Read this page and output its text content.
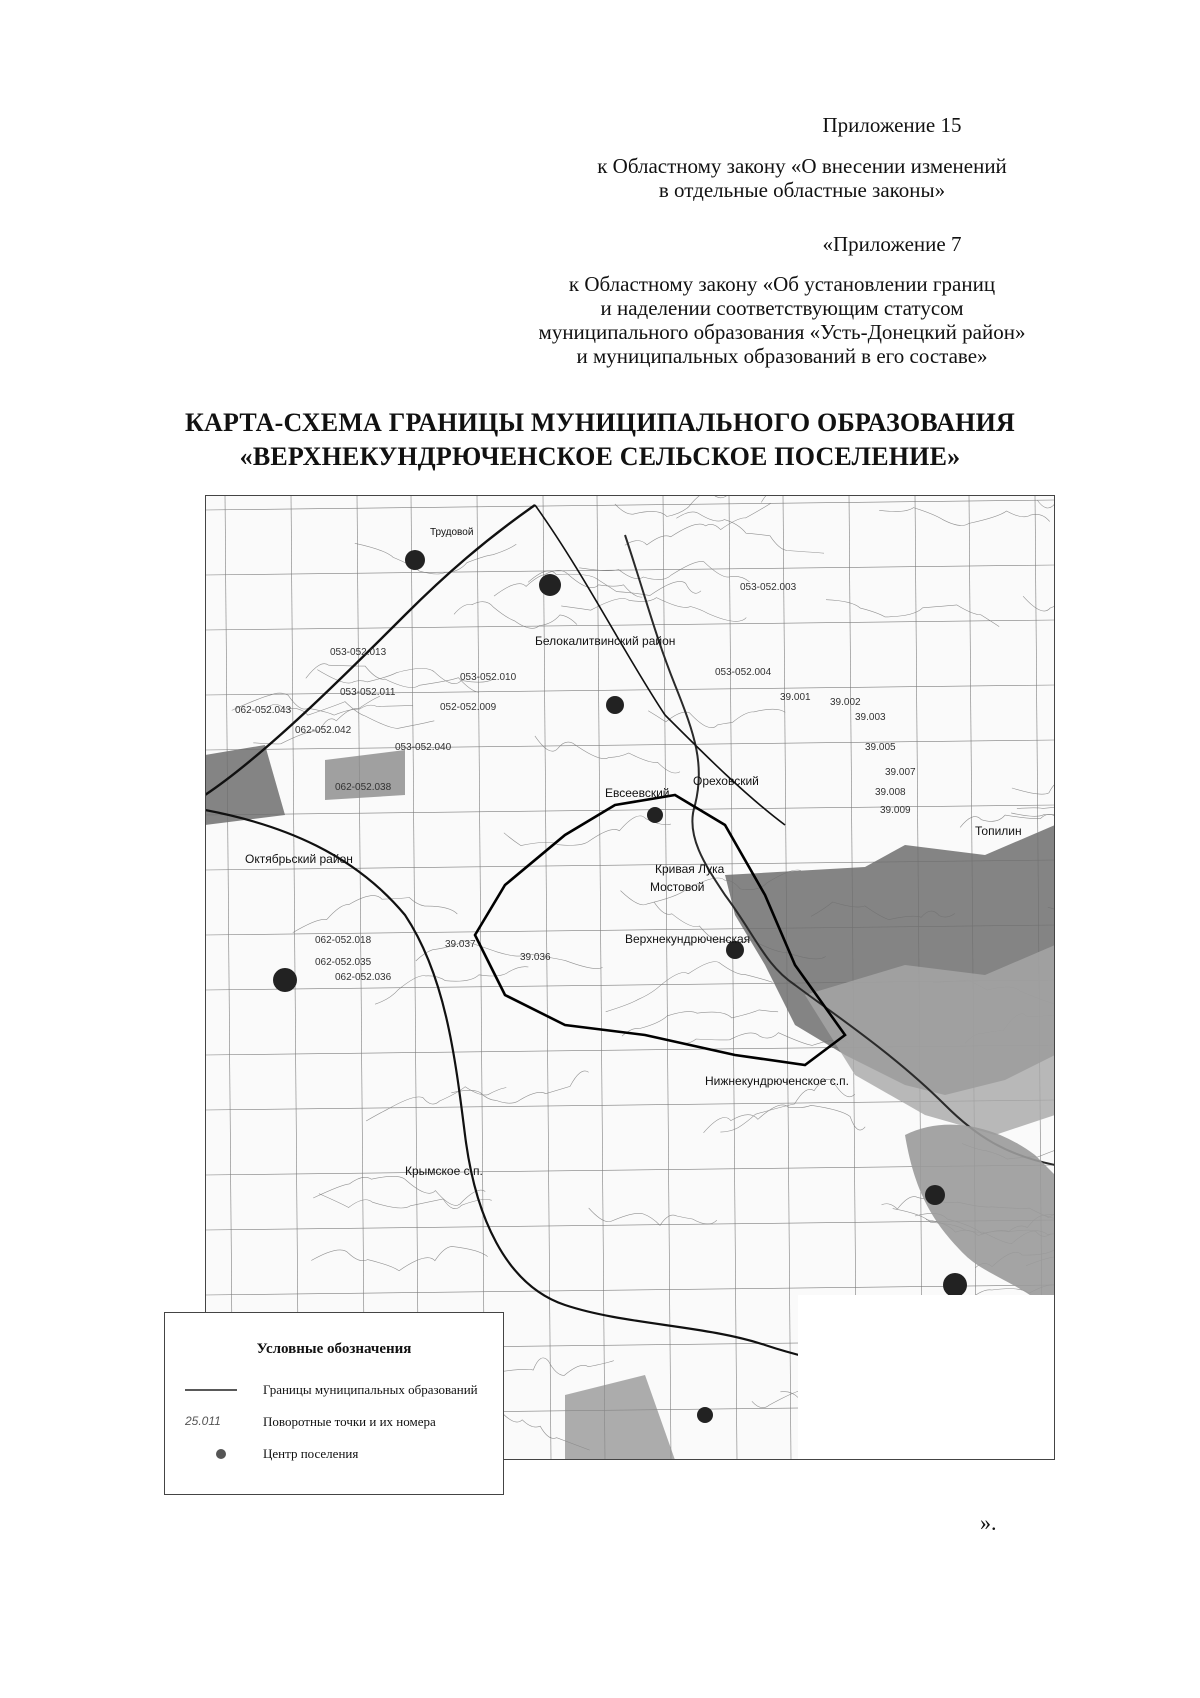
Приложение 15
к Областному закону «О внесении изменений
в отдельные областные законы»
«Приложение 7
к Областному закону «Об установлении границ
и наделении соответствующим статусом
муниципального образования «Усть-Донецкий район»
и муниципальных образований в его составе»
КАРТА-СХЕМА ГРАНИЦЫ МУНИЦИПАЛЬНОГО ОБРАЗОВАНИЯ
«ВЕРХНЕКУНДРЮЧЕНСКОЕ СЕЛЬСКОЕ ПОСЕЛЕНИЕ»
Белокалитвинский район
Октябрьский район
Евсеевский
Ореховский
Кривая Лука
Мостовой
Верхнекундрюченская
Нижнекундрюченское с.п.
Крымское с.п.
Топилин
Трудовой
053-052.013
053-052.010
053-052.011
052-052.009
062-052.043
062-052.042
053-052.040
062-052.038
053-052.003
053-052.004
39.001 39.002
39.003
39.005
39.007
39.008
39.009
39.037
39.036
062-052.035
062-052.018
062-052.036
Условные обозначения
Границы муниципальных образований
25.011	Поворотные точки и их номера
Центр поселения
».
